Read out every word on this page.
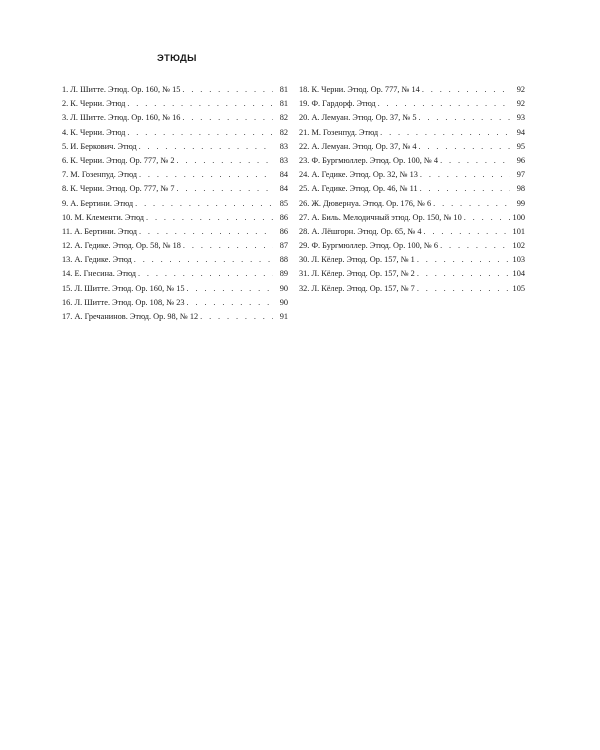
ЭТЮДЫ
1. Л. Шитте. Этюд. Ор. 160, № 15 . . .	81
2. К. Черни. Этюд . . .	81
3. Л. Шитте. Этюд. Ор. 160, № 16 . . .	82
4. К. Черни. Этюд . . .	82
5. И. Беркович. Этюд . . .	83
6. К. Черни. Этюд. Ор. 777, № 2 . . .	83
7. М. Гозенпуд. Этюд . . .	84
8. К. Черни. Этюд. Ор. 777, № 7 . . .	84
9. А. Бертини. Этюд . . .	85
10. М. Клементи. Этюд . . .	86
11. А. Бертини. Этюд . . .	86
12. А. Гедике. Этюд. Ор. 58, № 18 . . .	87
13. А. Гедике. Этюд . . .	88
14. Е. Гнесина. Этюд . . .	89
15. Л. Шитте. Этюд. Ор. 160, № 15 . . .	90
16. Л. Шитте. Этюд. Ор. 108, № 23 . . .	90
17. А. Гречанинов. Этюд. Ор. 98, № 12 . . .	91
18. К. Черни. Этюд. Ор. 777, № 14 . . .	92
19. Ф. Гардорф. Этюд . . .	92
20. А. Лемуан. Этюд. Ор. 37, № 5 . . .	93
21. М. Гозенпуд. Этюд . . .	94
22. А. Лемуан. Этюд. Ор. 37, № 4 . . .	95
23. Ф. Бургмюллер. Этюд. Ор. 100, № 4 . . .	96
24. А. Гедике. Этюд. Ор. 32, № 13 . . .	97
25. А. Гедике. Этюд. Ор. 46, № 11 . . .	98
26. Ж. Дювернуа. Этюд. Ор. 176, № 6 . . .	99
27. А. Биль. Мелодичный этюд. Ор. 150, № 10 . . .	100
28. А. Лёшгорн. Этюд. Ор. 65, № 4 . . .	101
29. Ф. Бургмюллер. Этюд. Ор. 100, № 6 . . .	102
30. Л. Кёлер. Этюд. Ор. 157, № 1 . . .	103
31. Л. Кёлер. Этюд. Ор. 157, № 2 . . .	104
32. Л. Кёлер. Этюд. Ор. 157, № 7 . . .	105
